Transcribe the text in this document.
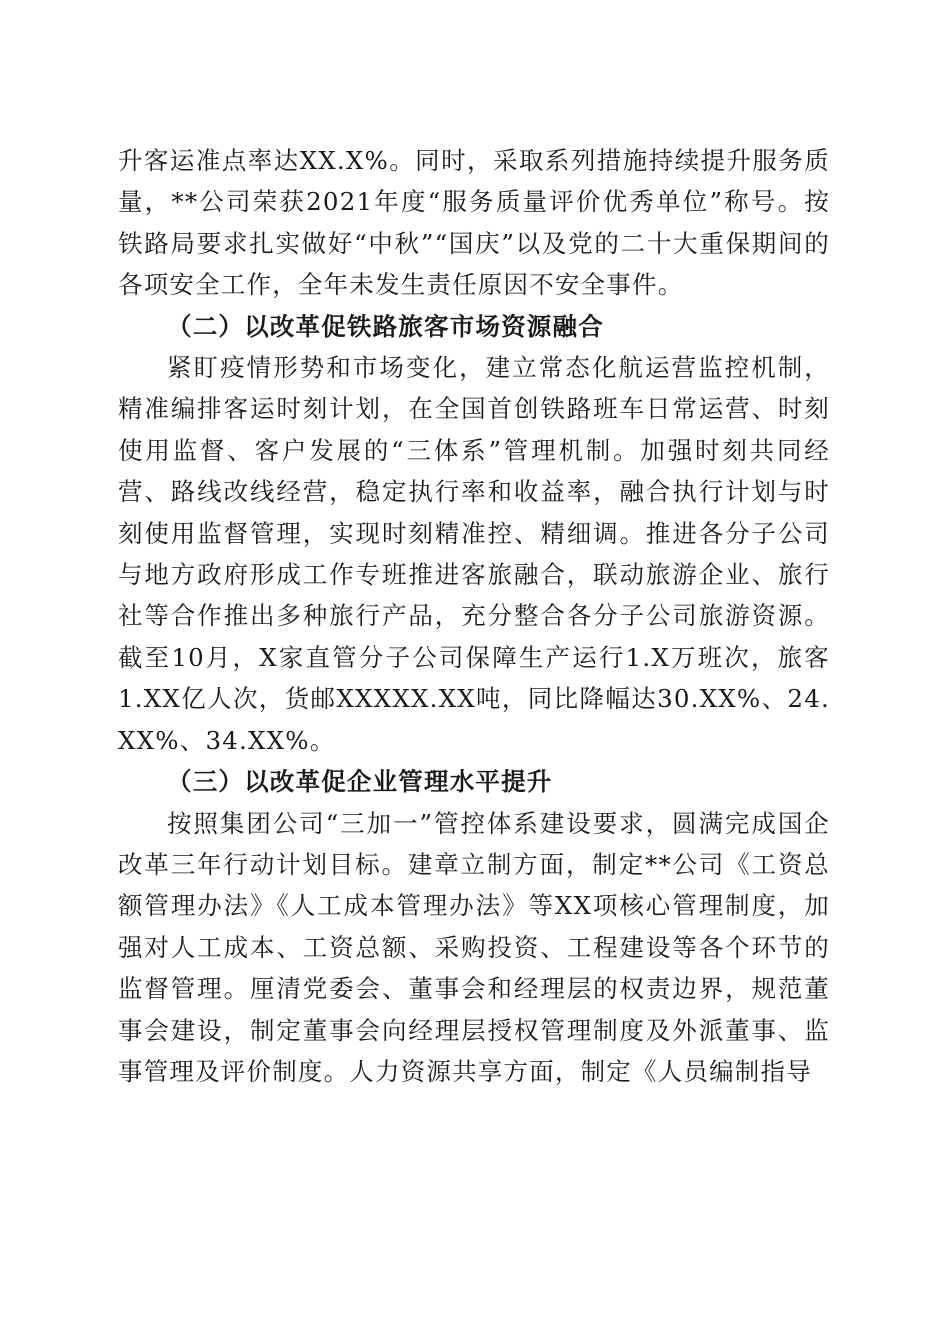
升客运准点率达XX.X%。同时，采取系列措施持续提升服务质量，**公司荣获2021年度“服务质量评价优秀单位”称号。按铁路局要求扎实做好“中秋”“国庆”以及党的二十大重保期间的各项安全工作，全年未发生责任原因不安全事件。

（二）以改革促铁路旅客市场资源融合

紧盯疫情形势和市场变化，建立常态化航运营监控机制，精准编排客运时刻计划，在全国首创铁路班车日常运营、时刻使用监督、客户发展的“三体系”管理机制。加强时刻共同经营、路线改线经营，稳定执行率和收益率，融合执行计划与时刻使用监督管理，实现时刻精准控、精细调。推进各分子公司与地方政府形成工作专班推进客旅融合，联动旅游企业、旅行社等合作推出多种旅行产品，充分整合各分子公司旅游资源。截至10月，X家直管分子公司保障生产运行1.X万班次，旅客1.XX亿人次，货邮XXXXX.XX吨，同比降幅达30.XX%、24.XX%、34.XX%。

（三）以改革促企业管理水平提升

按照集团公司“三加一”管控体系建设要求，圆满完成国企改革三年行动计划目标。建章立制方面，制定**公司《工资总额管理办法》《人工成本管理办法》等XX项核心管理制度，加强对人工成本、工资总额、采购投资、工程建设等各个环节的监督管理。厘清党委会、董事会和经理层的权责边界，规范董事会建设，制定董事会向经理层授权管理制度及外派董事、监事管理及评价制度。人力资源共享方面，制定《人员编制指导
